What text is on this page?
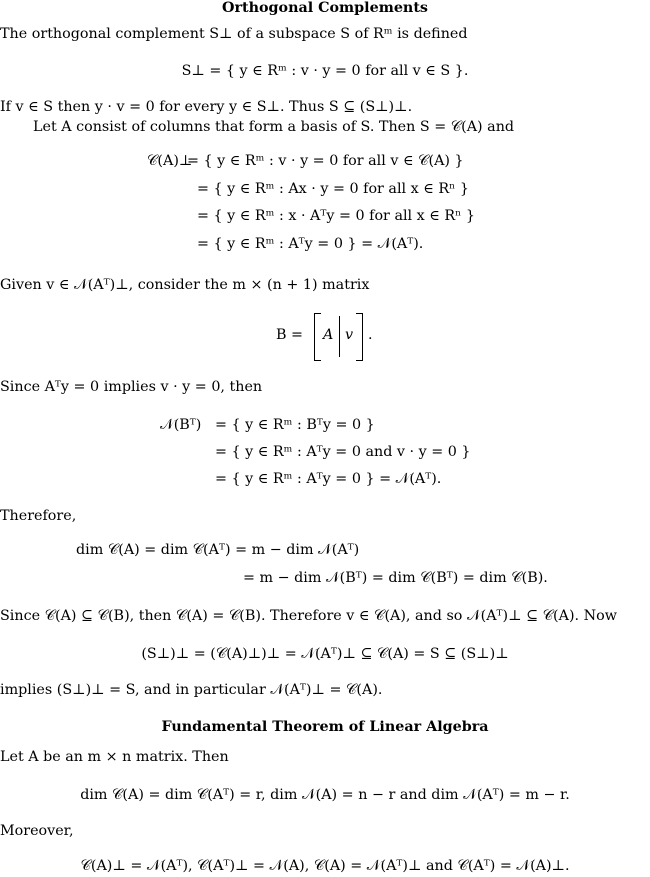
Orthogonal Complements
The orthogonal complement S⊥ of a subspace S of Rᵐ is defined
S⊥ = { y ∈ Rᵐ : v · y = 0 for all v ∈ S }.
If v ∈ S then y · v = 0 for every y ∈ S⊥. Thus S ⊆ (S⊥)⊥.
Let A consist of columns that form a basis of S. Then S = 𝒞(A) and
𝒞(A)⊥
= { y ∈ Rᵐ : v · y = 0 for all v ∈ 𝒞(A) }
= { y ∈ Rᵐ : Ax · y = 0 for all x ∈ Rⁿ }
= { y ∈ Rᵐ : x · Aᵀy = 0 for all x ∈ Rⁿ }
= { y ∈ Rᵐ : Aᵀy = 0 } = 𝒩(Aᵀ).
Given v ∈ 𝒩(Aᵀ)⊥, consider the m × (n + 1) matrix
B = A v .
Since Aᵀy = 0 implies v · y = 0, then
𝒩(Bᵀ) = { y ∈ Rᵐ : Bᵀy = 0 }
= { y ∈ Rᵐ : Aᵀy = 0 and v · y = 0 }
= { y ∈ Rᵐ : Aᵀy = 0 } = 𝒩(Aᵀ).
Therefore,
dim 𝒞(A) = dim 𝒞(Aᵀ) = m − dim 𝒩(Aᵀ)
= m − dim 𝒩(Bᵀ) = dim 𝒞(Bᵀ) = dim 𝒞(B).
Since 𝒞(A) ⊆ 𝒞(B), then 𝒞(A) = 𝒞(B). Therefore v ∈ 𝒞(A), and so 𝒩(Aᵀ)⊥ ⊆ 𝒞(A). Now
(S⊥)⊥ = (𝒞(A)⊥)⊥ = 𝒩(Aᵀ)⊥ ⊆ 𝒞(A) = S ⊆ (S⊥)⊥
implies (S⊥)⊥ = S, and in particular 𝒩(Aᵀ)⊥ = 𝒞(A).
Fundamental Theorem of Linear Algebra
Let A be an m × n matrix. Then
dim 𝒞(A) = dim 𝒞(Aᵀ) = r, dim 𝒩(A) = n − r and dim 𝒩(Aᵀ) = m − r.
Moreover,
𝒞(A)⊥ = 𝒩(Aᵀ), 𝒞(Aᵀ)⊥ = 𝒩(A), 𝒞(A) = 𝒩(Aᵀ)⊥ and 𝒞(Aᵀ) = 𝒩(A)⊥.
